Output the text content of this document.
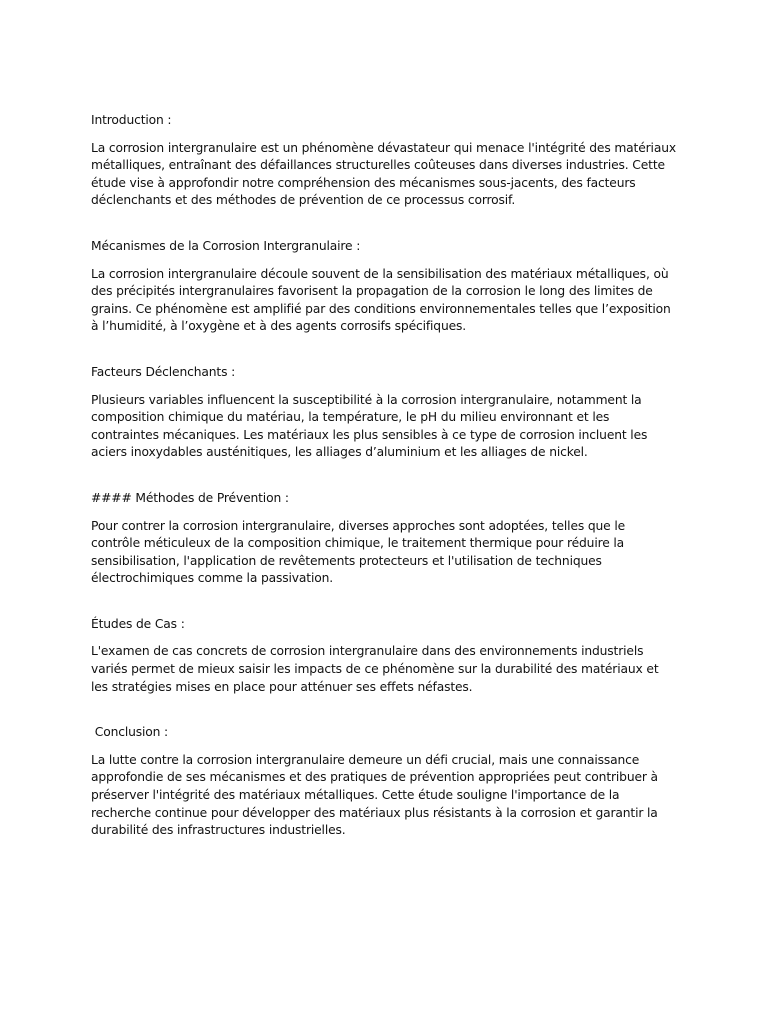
Introduction :

La corrosion intergranulaire est un phénomène dévastateur qui menace l'intégrité des matériaux métalliques, entraînant des défaillances structurelles coûteuses dans diverses industries. Cette étude vise à approfondir notre compréhension des mécanismes sous-jacents, des facteurs déclenchants et des méthodes de prévention de ce processus corrosif.

Mécanismes de la Corrosion Intergranulaire :

La corrosion intergranulaire découle souvent de la sensibilisation des matériaux métalliques, où des précipités intergranulaires favorisent la propagation de la corrosion le long des limites de grains. Ce phénomène est amplifié par des conditions environnementales telles que l’exposition à l’humidité, à l’oxygène et à des agents corrosifs spécifiques.

Facteurs Déclenchants :

Plusieurs variables influencent la susceptibilité à la corrosion intergranulaire, notamment la composition chimique du matériau, la température, le pH du milieu environnant et les contraintes mécaniques. Les matériaux les plus sensibles à ce type de corrosion incluent les aciers inoxydables austénitiques, les alliages d’aluminium et les alliages de nickel.

#### Méthodes de Prévention :

Pour contrer la corrosion intergranulaire, diverses approches sont adoptées, telles que le contrôle méticuleux de la composition chimique, le traitement thermique pour réduire la sensibilisation, l'application de revêtements protecteurs et l'utilisation de techniques électrochimiques comme la passivation.

Études de Cas :

L'examen de cas concrets de corrosion intergranulaire dans des environnements industriels variés permet de mieux saisir les impacts de ce phénomène sur la durabilité des matériaux et les stratégies mises en place pour atténuer ses effets néfastes.

Conclusion :

La lutte contre la corrosion intergranulaire demeure un défi crucial, mais une connaissance approfondie de ses mécanismes et des pratiques de prévention appropriées peut contribuer à préserver l'intégrité des matériaux métalliques. Cette étude souligne l'importance de la recherche continue pour développer des matériaux plus résistants à la corrosion et garantir la durabilité des infrastructures industrielles.
